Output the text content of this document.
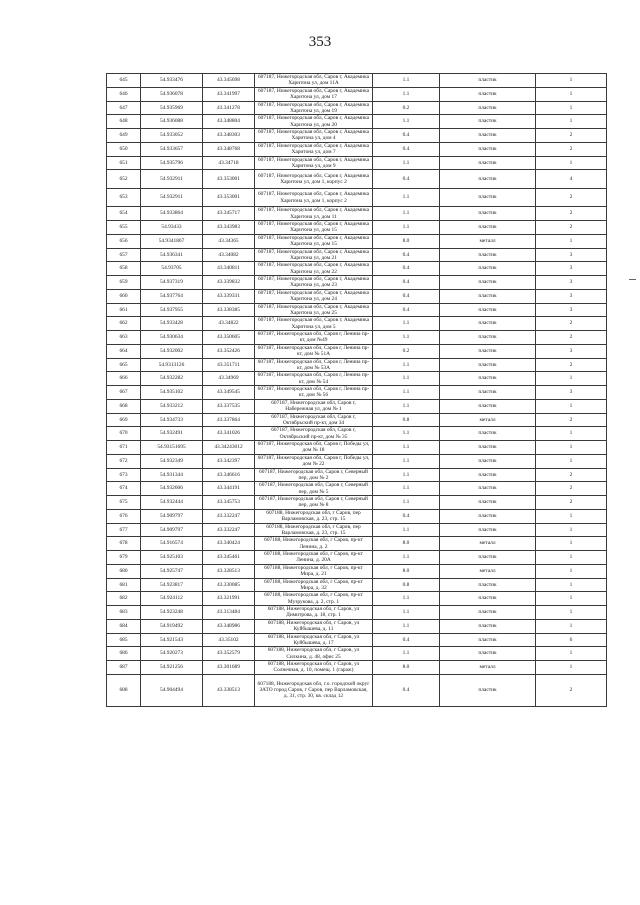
353
645	54.933476	43.345698	607187, Нижегородская обл, Саров г, Академика Харитона ул, дом 11А	1.1	пластик	1
646	54.936078	43.341997	607187, Нижегородская обл, Саров г, Академика Харитона ул, дом 17	1.1	пластик	1
647	54.935969	43.341278	607187, Нижегородская обл, Саров г, Академика Харитона ул, дом 19	0.2	пластик	1
648	54.936088	43.348804	607187, Нижегородская обл, Саров г, Академика Харитона ул, дом 20	1.1	пластик	1
649	54.933052	43.348303	607187, Нижегородская обл, Саров г, Академика Харитона ул, дом 4	0.4	пластик	2
650	54.933657	43.348768	607187, Нижегородская обл, Саров г, Академика Харитона ул, дом 7	0.4	пластик	2
651	54.935796	43.34718	607187, Нижегородская обл, Саров г, Академика Харитона ул, дом 9	1.1	пластик	1
652	54.932911	43.353001	607187, Нижегородская обл, Саров г, Академика Харитона ул, дом 1, корпус 2	0.4	пластик	4
653	54.932911	43.353001	607187, Нижегородская обл, Саров г, Академика Харитона ул, дом 1, корпус 2	1.1	пластик	2
654	54.933864	43.345717	607187, Нижегородская обл, Саров г, Академика Харитона ул, дом 11	1.1	пластик	2
655	54.93433	43.343983	607187, Нижегородская обл, Саров г, Академика Харитона ул, дом 15	1.1	пластик	2
656	54.9341867	43.34365	607187, Нижегородская обл, Саров г, Академика Харитона ул, дом 15	8.0	металл	1
657	54.936341	43.34082	607187, Нижегородская обл, Саров г, Академика Харитона ул, дом 21	0.4	пластик	3
658	54.93705	43.340811	607187, Нижегородская обл, Саров г, Академика Харитона ул, дом 22	0.4	пластик	3
659	54.937319	43.339832	607187, Нижегородская обл, Саров г, Академика Харитона ул, дом 23	0.4	пластик	3
660	54.937764	43.339331	607187, Нижегородская обл, Саров г, Академика Харитона ул, дом 24	0.4	пластик	3
661	54.937955	43.338385	607187, Нижегородская обл, Саров г, Академика Харитона ул, дом 25	0.4	пластик	3
662	54.933428	43.34822	607187, Нижегородская обл, Саров г, Академика Харитона ул, дом 5	1.1	пластик	2
663	54.930634	43.350605	607187, Нижегородская обл, Саров г, Ленина пр-кт, дом №49	1.1	пластик	2
664	54.932002	43.352426	607187, Нижегородская обл, Саров г, Ленина пр-кт, дом № 51А	0.2	пластик	3
665	54.9313126	43.351711	607187, Нижегородская обл, Саров г, Ленина пр-кт, дом № 53А	1.1	пластик	2
666	54.932282	43.34969	607187, Нижегородская обл, Саров г, Ленина пр-кт, дом № 54	1.1	пластик	1
667	54.935102	43.349545	607187, Нижегородская обл, Саров г, Ленина пр-кт, дом № 56	1.1	пластик	3
668	54.933212	43.337535	607187, Нижегородская обл, Саров г, Набережная ул, дом № 1	1.1	пластик	1
669	54.934733	43.337864	607187, Нижегородская обл, Саров г, Октябрьский пр-кт, дом 34	0.8	металл	2
670	54.932491	43.341026	607187, Нижегородская обл, Саров г, Октябрьский пр-кт, дом № 35	1.1	пластик	1
671	54.93151695	43.34243012	607187, Нижегородская обл, Саров г, Победы ул, дом № 18	1.1	пластик	1
672	54.932349	43.342397	607187, Нижегородская обл, Саров г, Победы ул, дом № 22	1.1	пластик	1
673	54.931344	43.346616	607187, Нижегородская обл, Саров г, Северный пер, дом № 2	1.1	пластик	2
674	54.932606	43.344191	607187, Нижегородская обл, Саров г, Северный пер, дом № 5	1.1	пластик	2
675	54.932444	43.345753	607187, Нижегородская обл, Саров г, Северный пер, дом № 8	1.1	пластик	2
676	54.909797	43.332247	607188, Нижегородская обл, г Саров, пер Варламовская, д. 23, стр. 15	0.4	пластик	1
677	54.909797	43.332247	607188, Нижегородская обл, г Саров, пер Варламовская, д. 23, стр. 15	1.1	пластик	1
678	54.916574	43.340424	607188, Нижегородская обл, г Саров, пр-кт Ленина, д. 2	8.0	металл	1
679	54.925103	43.345461	607188, Нижегородская обл, г Саров, пр-кт Ленина, д. 20А	1.1	пластик	1
680	54.925747	43.328513	607188, Нижегородская обл, г Саров, пр-кт Мира, д. 21	8.0	металл	1
681	54.923817	43.330085	607188, Нижегородская обл, г Саров, пр-кт Мира, д. 32	0.8	пластик	1
682	54.924112	43.321991	607188, Нижегородская обл, г Саров, пр-кт Музрукова, д. 2, стр. 1	1.1	пластик	1
683	54.923248	43.313484	607188, Нижегородская обл, г Саров, ул Димитрова, д. 18, стр. 1	1.1	пластик	1
684	54.919492	43.348986	607188, Нижегородская обл, г Саров, ул Куйбышева, д. 11	1.1	пластик	1
685	54.921543	43.35102	607188, Нижегородская обл, г Саров, ул Куйбышева, д. 17	0.4	пластик	6
686	54.920273	43.352579	607188, Нижегородская обл, г Саров, ул Силкина, д. 48, офис 25	1.1	пластик	1
687	54.921256	43.301689	607188, Нижегородская обл, г Саров, ул Солнечная, д. 10, помещ. 1 (гараж)	8.0	металл	1
688	54.904494	43.338513	607188, Нижегородская обл, г.о. городской округ ЗАТО город Саров, г Саров, пер Варламовская, д. 31, стр. 30, кв. склад 12	0.4	пластик	2
